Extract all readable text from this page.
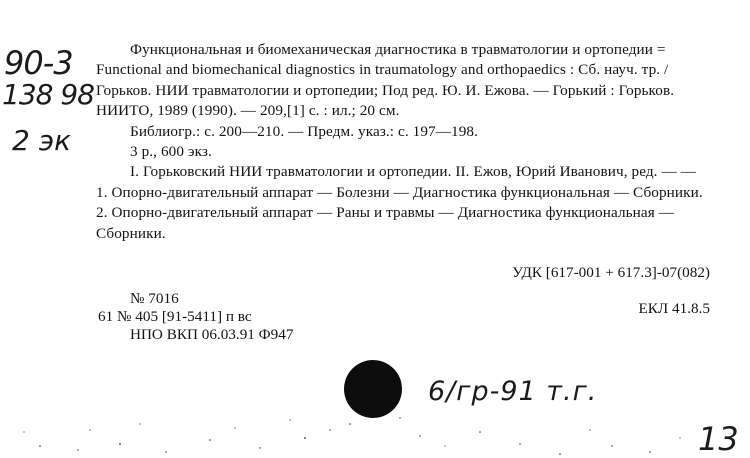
90-3
138 98
2 эк

Функциональная и биомеханическая диагностика в травматологии и ортопедии = Functional and biomechanical diagnostics in traumatology and orthopaedics : Сб. науч. тр. / Горьков. НИИ травматологии и ортопедии; Под ред. Ю. И. Ежова. — Горький : Горьков. НИИТО, 1989 (1990). — 209,[1] с. : ил.; 20 см.

Библиогр.: с. 200—210. — Предм. указ.: с. 197—198.

3 р., 600 экз.

I. Горьковский НИИ травматологии и ортопедии. II. Ежов, Юрий Иванович, ред. — — 1. Опорно-двигательный аппарат — Болезни — Диагностика функциональная — Сборники. 2. Опорно-двигательный аппарат — Раны и травмы — Диагностика функциональная — Сборники.

УДК [617-001 + 617.3]-07(082)
ЕКЛ 41.8.5

№ 7016

61 № 405 [91-5411] п вс

НПО ВКП 06.03.91 Ф947

6/гр-91 т.г.
13
